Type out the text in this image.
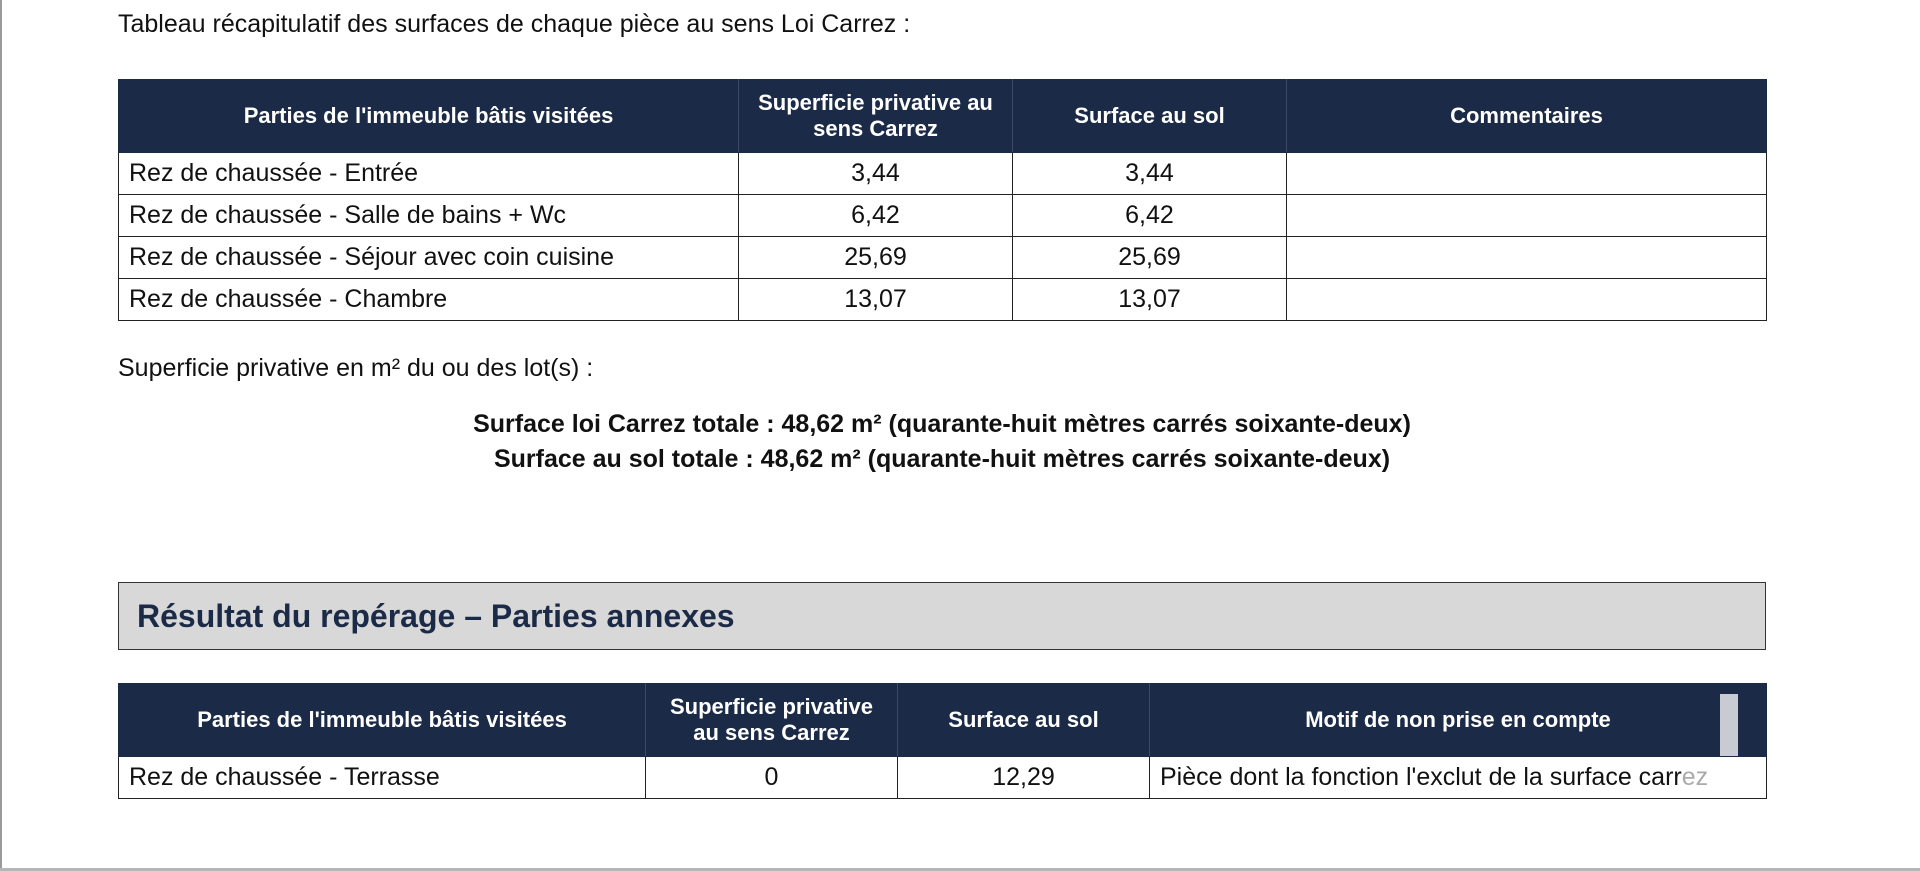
Tableau récapitulatif des surfaces de chaque pièce au sens Loi Carrez :
Parties de l'immeuble bâtis visitées	Superficie privative au sens Carrez	Surface au sol	Commentaires
Rez de chaussée - Entrée	3,44	3,44	
Rez de chaussée - Salle de bains + Wc	6,42	6,42	
Rez de chaussée - Séjour avec coin cuisine	25,69	25,69	
Rez de chaussée - Chambre	13,07	13,07	
Superficie privative en m² du ou des lot(s) :
Surface loi Carrez totale : 48,62 m² (quarante-huit mètres carrés soixante-deux)
Surface au sol totale : 48,62 m² (quarante-huit mètres carrés soixante-deux)
Résultat du repérage – Parties annexes
Parties de l'immeuble bâtis visitées	Superficie privative au sens Carrez	Surface au sol	Motif de non prise en compte
Rez de chaussée - Terrasse	0	12,29	Pièce dont la fonction l'exclut de la surface carrez
